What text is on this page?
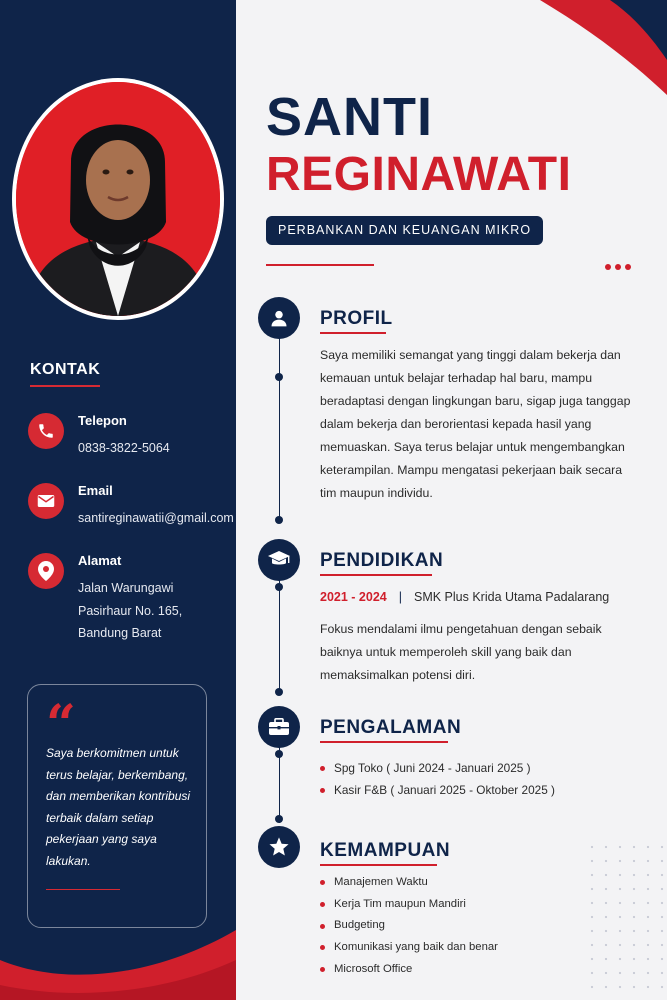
KONTAK
Telepon
0838-3822-5064
Email
santireginawatii@gmail.com
Alamat
Jalan Warungawi
Pasirhaur No. 165,
Bandung Barat
“
Saya berkomitmen untuk
terus belajar, berkembang,
dan memberikan kontribusi
terbaik dalam setiap
pekerjaan yang saya
lakukan.
SANTI
REGINAWATI
PERBANKAN DAN KEUANGAN MIKRO
PROFIL
Saya memiliki semangat yang tinggi dalam bekerja dan
kemauan untuk belajar terhadap hal baru, mampu
beradaptasi dengan lingkungan baru, sigap juga tanggap
dalam bekerja dan berorientasi kepada hasil yang
memuaskan. Saya terus belajar untuk mengembangkan
keterampilan. Mampu mengatasi pekerjaan baik secara
tim maupun individu.
PENDIDIKAN
2021 - 2024 | SMK Plus Krida Utama Padalarang
Fokus mendalami ilmu pengetahuan dengan sebaik
baiknya untuk memperoleh skill yang baik dan
memaksimalkan potensi diri.
PENGALAMAN
Spg Toko ( Juni 2024 - Januari 2025 )
Kasir F&B ( Januari 2025 - Oktober 2025 )
KEMAMPUAN
Manajemen Waktu
Kerja Tim maupun Mandiri
Budgeting
Komunikasi yang baik dan benar
Microsoft Office
